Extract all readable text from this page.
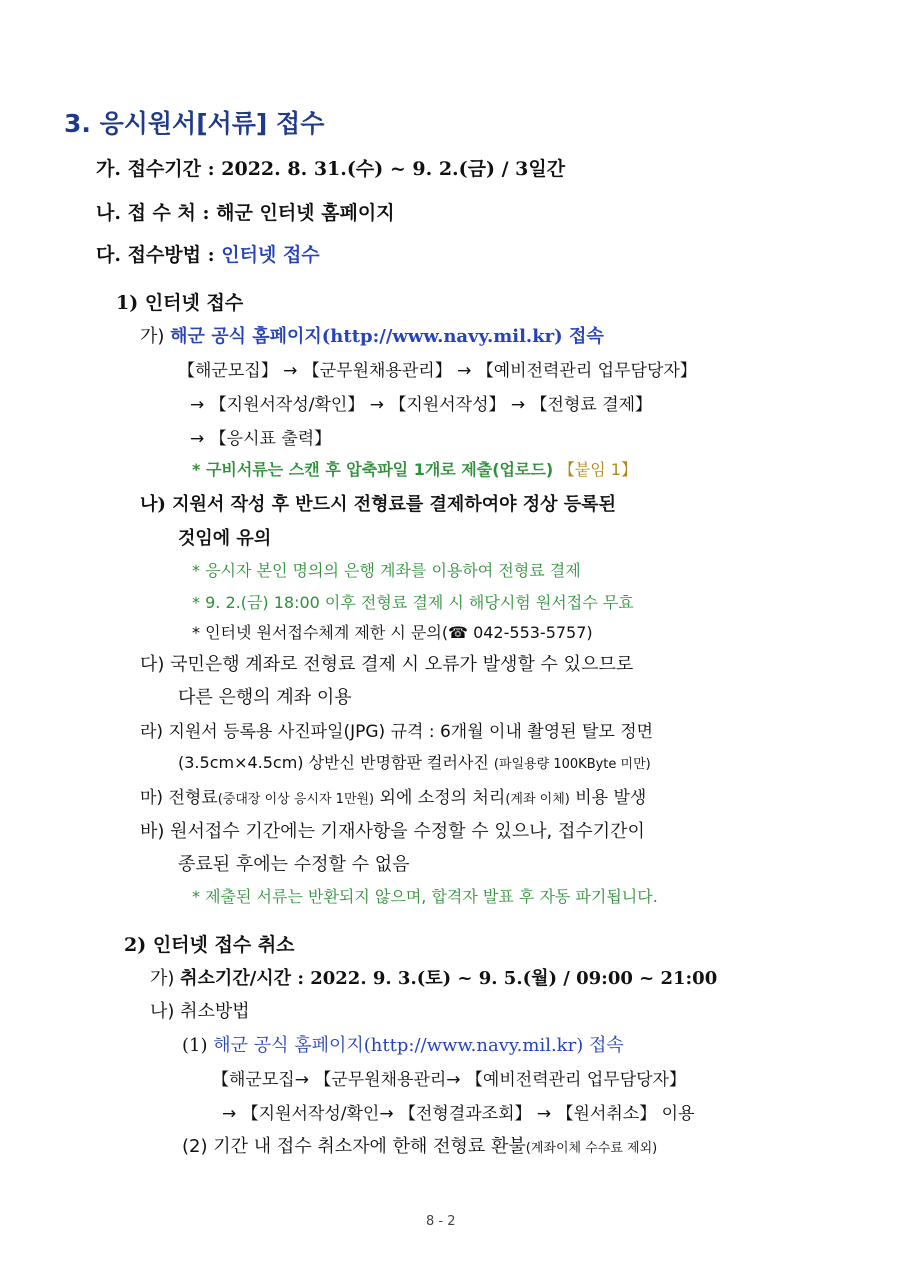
3. 응시원서[서류] 접수
가. 접수기간 : 2022. 8. 31.(수) ~ 9. 2.(금) / 3일간
나. 접 수 처 : 해군 인터넷 홈페이지
다. 접수방법 : 인터넷 접수
1) 인터넷 접수
가) 해군 공식 홈페이지(http://www.navy.mil.kr) 접속
【해군모집】 → 【군무원채용관리】 → 【예비전력관리 업무담당자】
→ 【지원서작성/확인】 → 【지원서작성】 → 【전형료 결제】
→ 【응시표 출력】
* 구비서류는 스캔 후 압축파일 1개로 제출(업로드) 【붙임 1】
나) 지원서 작성 후 반드시 전형료를 결제하여야 정상 등록된
것임에 유의
* 응시자 본인 명의의 은행 계좌를 이용하여 전형료 결제
* 9. 2.(금) 18:00 이후 전형료 결제 시 해당시험 원서접수 무효
* 인터넷 원서접수체계 제한 시 문의(☎ 042-553-5757)
다) 국민은행 계좌로 전형료 결제 시 오류가 발생할 수 있으므로
다른 은행의 계좌 이용
라) 지원서 등록용 사진파일(JPG) 규격 : 6개월 이내 촬영된 탈모 정면
(3.5cm×4.5cm) 상반신 반명함판 컬러사진 (파일용량 100KByte 미만)
마) 전형료(중대장 이상 응시자 1만원) 외에 소정의 처리(계좌 이체) 비용 발생
바) 원서접수 기간에는 기재사항을 수정할 수 있으나, 접수기간이
종료된 후에는 수정할 수 없음
* 제출된 서류는 반환되지 않으며, 합격자 발표 후 자동 파기됩니다.
2) 인터넷 접수 취소
가) 취소기간/시간 : 2022. 9. 3.(토) ~ 9. 5.(월) / 09:00 ~ 21:00
나) 취소방법
(1) 해군 공식 홈페이지(http://www.navy.mil.kr) 접속
【해군모집→ 【군무원채용관리→ 【예비전력관리 업무담당자】
→ 【지원서작성/확인→ 【전형결과조회】 → 【원서취소】 이용
(2) 기간 내 접수 취소자에 한해 전형료 환불(계좌이체 수수료 제외)
8 - 2
